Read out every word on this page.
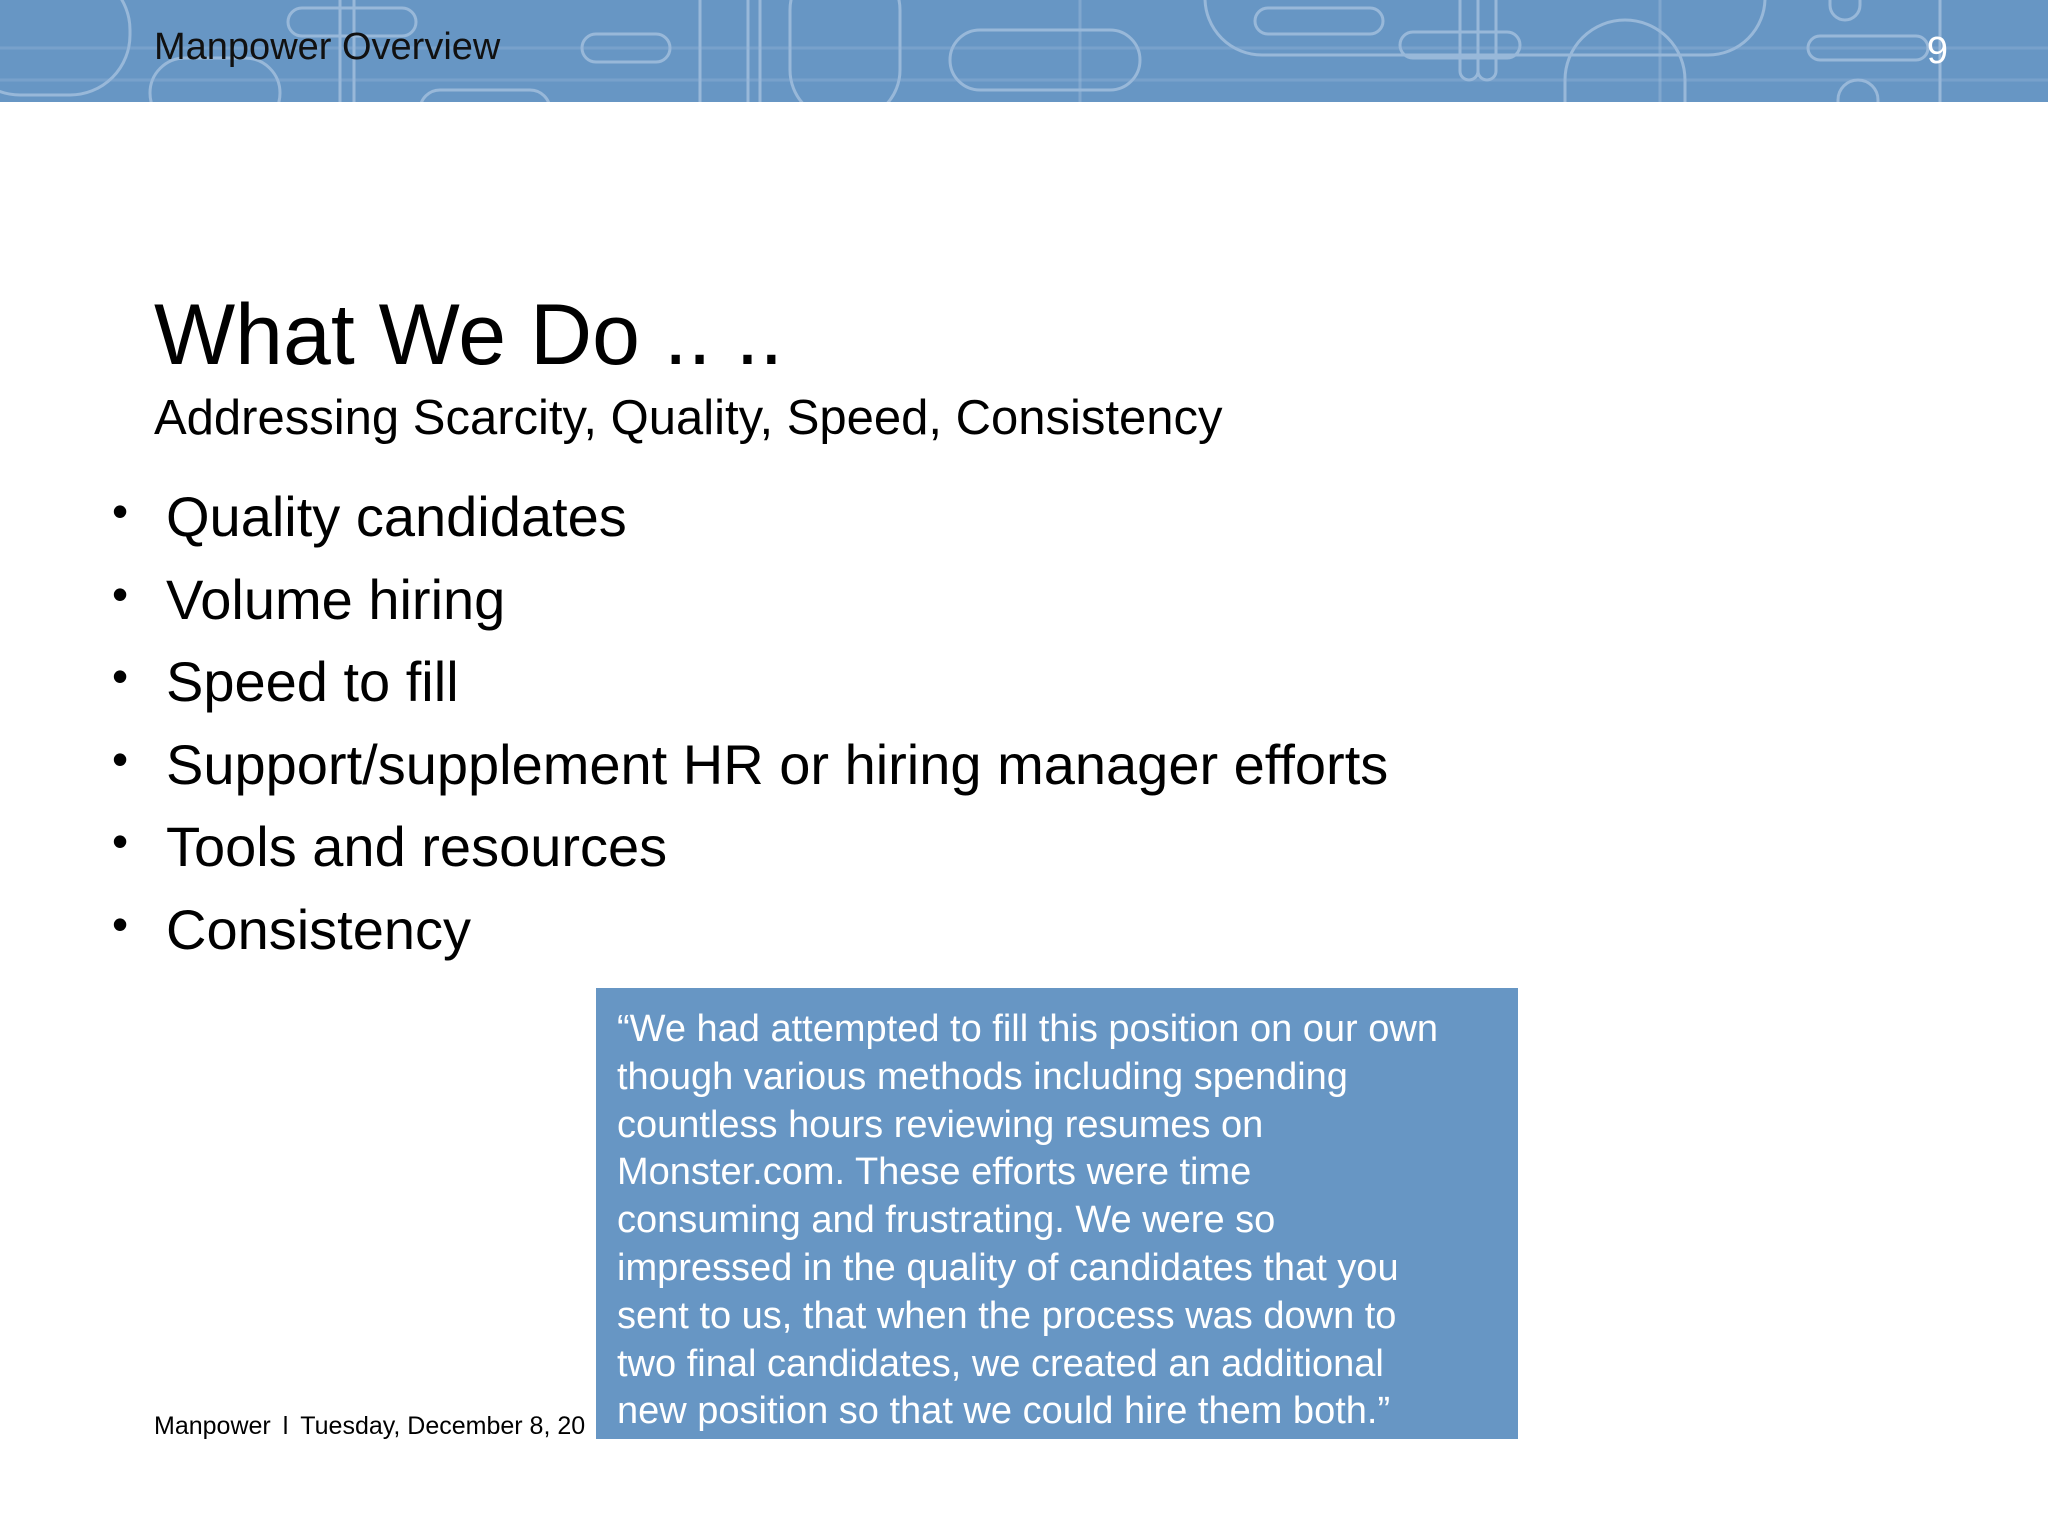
Manpower Overview	9
What We Do .. ..
Addressing Scarcity, Quality, Speed, Consistency
• Quality candidates
• Volume hiring
• Speed to fill
• Support/supplement HR or hiring manager efforts
• Tools and resources
• Consistency
Manpower l Tuesday, December 8, 20

“We had attempted to fill this position on our own
though various methods including spending
countless hours reviewing resumes on
Monster.com. These efforts were time
consuming and frustrating. We were so
impressed in the quality of candidates that you
sent to us, that when the process was down to
two final candidates, we created an additional
new position so that we could hire them both.”
